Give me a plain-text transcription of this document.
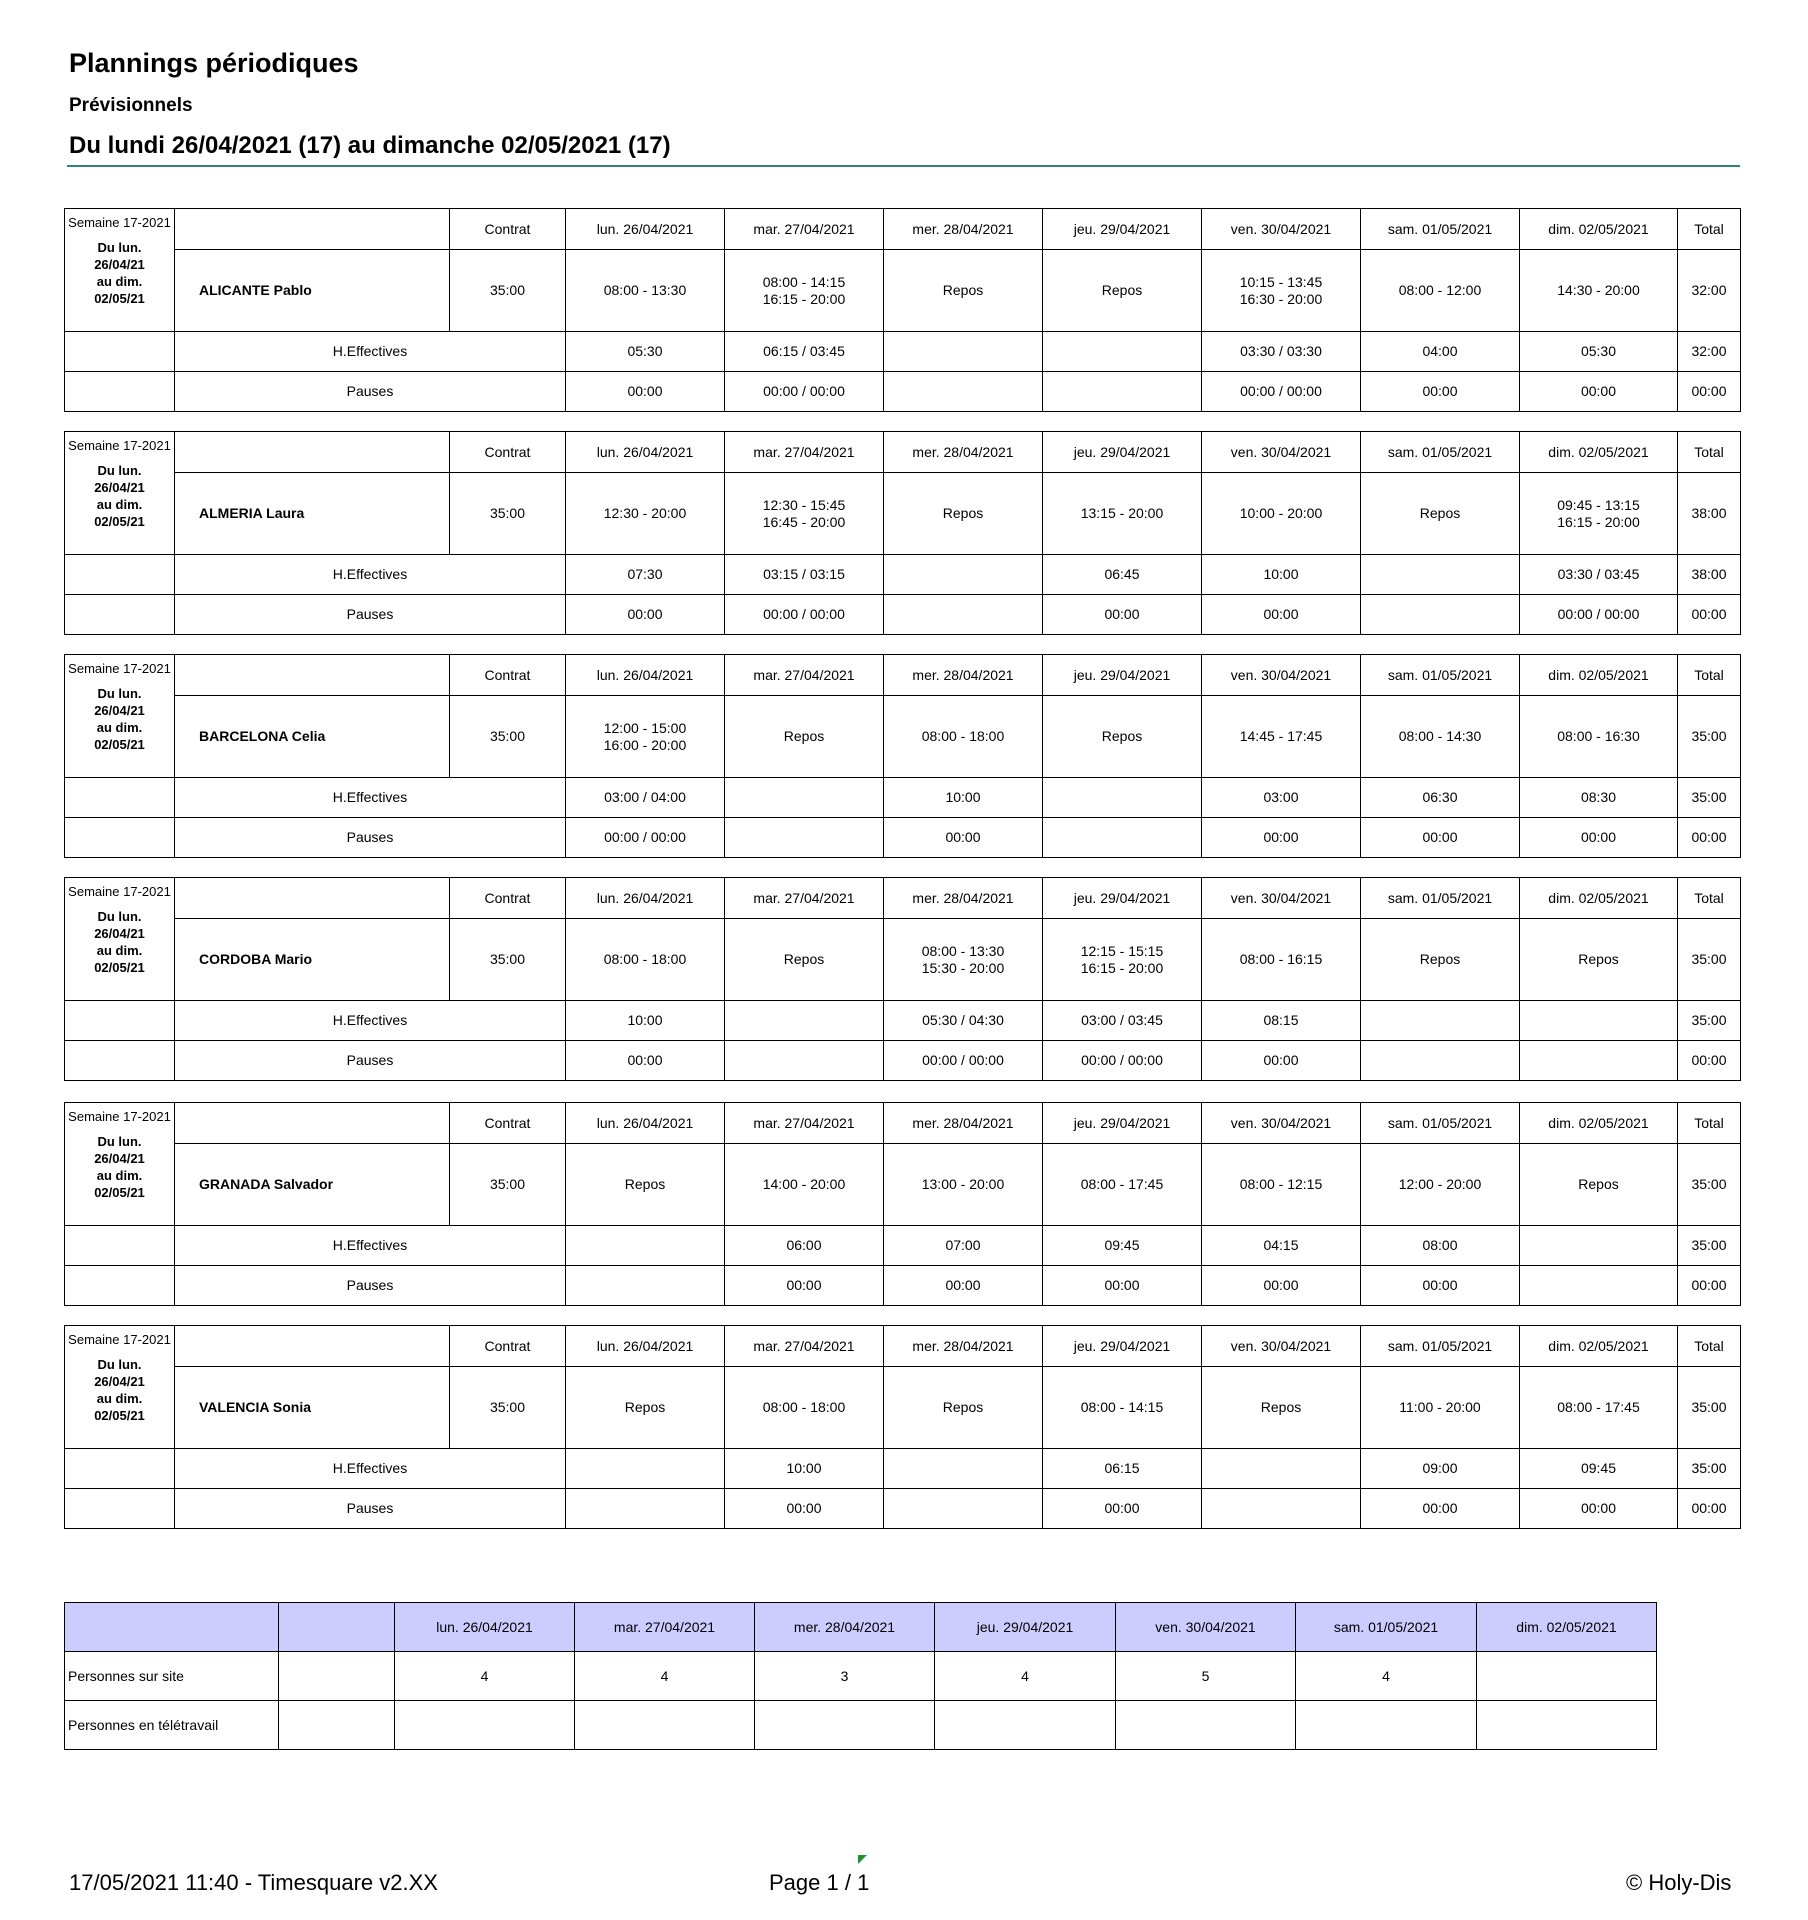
Plannings périodiques
Prévisionnels
Du lundi 26/04/2021 (17) au dimanche 02/05/2021 (17)
Semaine 17-2021
Du lun.
26/04/21
au dim.
02/05/21		Contrat	lun. 26/04/2021	mar. 27/04/2021	mer. 28/04/2021	jeu. 29/04/2021	ven. 30/04/2021	sam. 01/05/2021	dim. 02/05/2021	Total
	ALICANTE Pablo	35:00	08:00 - 13:30	08:00 - 14:15
16:15 - 20:00	Repos	Repos	10:15 - 13:45
16:30 - 20:00	08:00 - 12:00	14:30 - 20:00	32:00
	H.Effectives		05:30	06:15 / 03:45			03:30 / 03:30	04:00	05:30	32:00
	Pauses		00:00	00:00 / 00:00			00:00 / 00:00	00:00	00:00	00:00
Semaine 17-2021
Du lun.
26/04/21
au dim.
02/05/21		Contrat	lun. 26/04/2021	mar. 27/04/2021	mer. 28/04/2021	jeu. 29/04/2021	ven. 30/04/2021	sam. 01/05/2021	dim. 02/05/2021	Total
	ALMERIA Laura	35:00	12:30 - 20:00	12:30 - 15:45
16:45 - 20:00	Repos	13:15 - 20:00	10:00 - 20:00	Repos	09:45 - 13:15
16:15 - 20:00	38:00
	H.Effectives		07:30	03:15 / 03:15		06:45	10:00		03:30 / 03:45	38:00
	Pauses		00:00	00:00 / 00:00		00:00	00:00		00:00 / 00:00	00:00
Semaine 17-2021
Du lun.
26/04/21
au dim.
02/05/21		Contrat	lun. 26/04/2021	mar. 27/04/2021	mer. 28/04/2021	jeu. 29/04/2021	ven. 30/04/2021	sam. 01/05/2021	dim. 02/05/2021	Total
	BARCELONA Celia	35:00	12:00 - 15:00
16:00 - 20:00	Repos	08:00 - 18:00	Repos	14:45 - 17:45	08:00 - 14:30	08:00 - 16:30	35:00
	H.Effectives		03:00 / 04:00		10:00		03:00	06:30	08:30	35:00
	Pauses		00:00 / 00:00		00:00		00:00	00:00	00:00	00:00
Semaine 17-2021
Du lun.
26/04/21
au dim.
02/05/21		Contrat	lun. 26/04/2021	mar. 27/04/2021	mer. 28/04/2021	jeu. 29/04/2021	ven. 30/04/2021	sam. 01/05/2021	dim. 02/05/2021	Total
	CORDOBA Mario	35:00	08:00 - 18:00	Repos	08:00 - 13:30
15:30 - 20:00	12:15 - 15:15
16:15 - 20:00	08:00 - 16:15	Repos	Repos	35:00
	H.Effectives		10:00		05:30 / 04:30	03:00 / 03:45	08:15			35:00
	Pauses		00:00		00:00 / 00:00	00:00 / 00:00	00:00			00:00
Semaine 17-2021
Du lun.
26/04/21
au dim.
02/05/21		Contrat	lun. 26/04/2021	mar. 27/04/2021	mer. 28/04/2021	jeu. 29/04/2021	ven. 30/04/2021	sam. 01/05/2021	dim. 02/05/2021	Total
	GRANADA Salvador	35:00	Repos	14:00 - 20:00	13:00 - 20:00	08:00 - 17:45	08:00 - 12:15	12:00 - 20:00	Repos	35:00
	H.Effectives			06:00	07:00	09:45	04:15	08:00		35:00
	Pauses			00:00	00:00	00:00	00:00	00:00		00:00
Semaine 17-2021
Du lun.
26/04/21
au dim.
02/05/21		Contrat	lun. 26/04/2021	mar. 27/04/2021	mer. 28/04/2021	jeu. 29/04/2021	ven. 30/04/2021	sam. 01/05/2021	dim. 02/05/2021	Total
	VALENCIA Sonia	35:00	Repos	08:00 - 18:00	Repos	08:00 - 14:15	Repos	11:00 - 20:00	08:00 - 17:45	35:00
	H.Effectives			10:00		06:15		09:00	09:45	35:00
	Pauses			00:00		00:00		00:00	00:00	00:00
		lun. 26/04/2021	mar. 27/04/2021	mer. 28/04/2021	jeu. 29/04/2021	ven. 30/04/2021	sam. 01/05/2021	dim. 02/05/2021
Personnes sur site		4	4	3	4	5	4	
Personnes en télétravail								
17/05/2021 11:40 - Timesquare v2.XX	Page 1 / 1	© Holy-Dis
